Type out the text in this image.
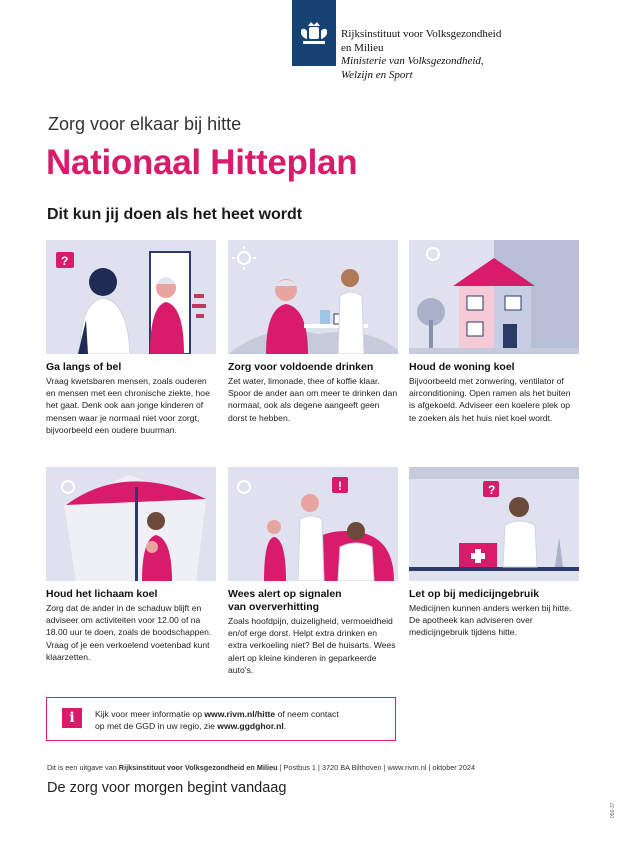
Rijksinstituut voor Volksgezondheid
en Milieu
Ministerie van Volksgezondheid,
Welzijn en Sport
Zorg voor elkaar bij hitte
Nationaal Hitteplan
Dit kun jij doen als het heet wordt
?
Ga langs of bel

Vraag kwetsbaren mensen, zoals ouderen en mensen met een chronische ziekte, hoe het gaat. Denk ook aan jonge kinderen of mensen waar je normaal niet voor zorgt, bijvoorbeeld een oudere buurman.

Zorg voor voldoende drinken

Zet water, limonade, thee of koffie klaar. Spoor de ander aan om meer te drinken dan normaal, ook als degene aangeeft geen dorst te hebben.

Houd de woning koel

Bijvoorbeeld met zonwering, ventilator of airconditioning. Open ramen als het buiten is afgekoeld. Adviseer een koelere plek op te zoeken als het huis niet koel wordt.

Houd het lichaam koel

Zorg dat de ander in de schaduw blijft en adviseer om activiteiten voor 12.00 of na 18.00 uur te doen, zoals de boodschappen. Vraag of je een verkoelend voetenbad kunt klaarzetten.

!
Wees alert op signalen
van oververhitting

Zoals hoofdpijn, duizeligheid, vermoeidheid en/of erge dorst. Helpt extra drinken en extra verkoeling niet? Bel de huisarts. Wees alert op kleine kinderen in geparkeerde auto’s.

?
Let op bij medicijngebruik

Medicijnen kunnen anders werken bij hitte. De apotheek kan adviseren over medicijngebruik tijdens hitte.

i	Kijk voor meer informatie op www.rivm.nl/hitte of neem contact
op met de GGD in uw regio, zie www.ggdghor.nl.
Dit is een uitgave van Rijksinstituut voor Volksgezondheid en Milieu | Postbus 1 | 3720 BA Bilthoven | www.rivm.nl | oktober 2024
De zorg voor morgen begint vandaag
056-37
